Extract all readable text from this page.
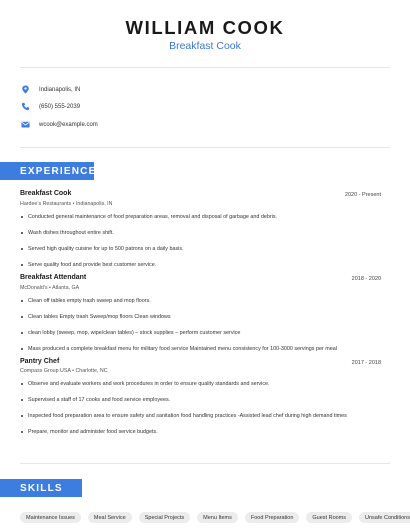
WILLIAM COOK
Breakfast Cook
Indianapolis, IN
(650) 555-2039
wcook@example.com
EXPERIENCE
Breakfast Cook	2020 - Present
Hardee’s Restaurants • Indianapolis, IN
Conducted general maintenance of food preparation areas, removal and disposal of garbage and debris.
Wash dishes throughout entire shift.
Served high quality cuisine for up to 500 patrons on a daily basis.
Serve quality food and provide best customer service.
Breakfast Attendant	2018 - 2020
McDonald’s • Atlanta, GA
Clean off tables empty trash sweep and mop floors.
Clean tables Empty trash Sweep/mop floors Clean windows
clean lobby (sweep, mop, wipe/clean tables) – stock supplies – perform customer service
Mass produced a complete breakfast menu for military food service Maintained menu consistency for 100-3000 servings per meal
Pantry Chef	2017 - 2018
Compass Group USA • Charlotte, NC
Observe and evaluate workers and work procedures in order to ensure quality standards and service.
Supervised a staff of 17 cooks and food service employees.
Inspected food preparation area to ensure safety and sanitation food handling practices -Assisted lead chef during high demand times
Prepare, monitor and administer food service budgets.
SKILLS
Maintenance Issues	Meal Service	Special Projects	Menu Items	Food Preparation	Guest Rooms	Unsafe Conditions
